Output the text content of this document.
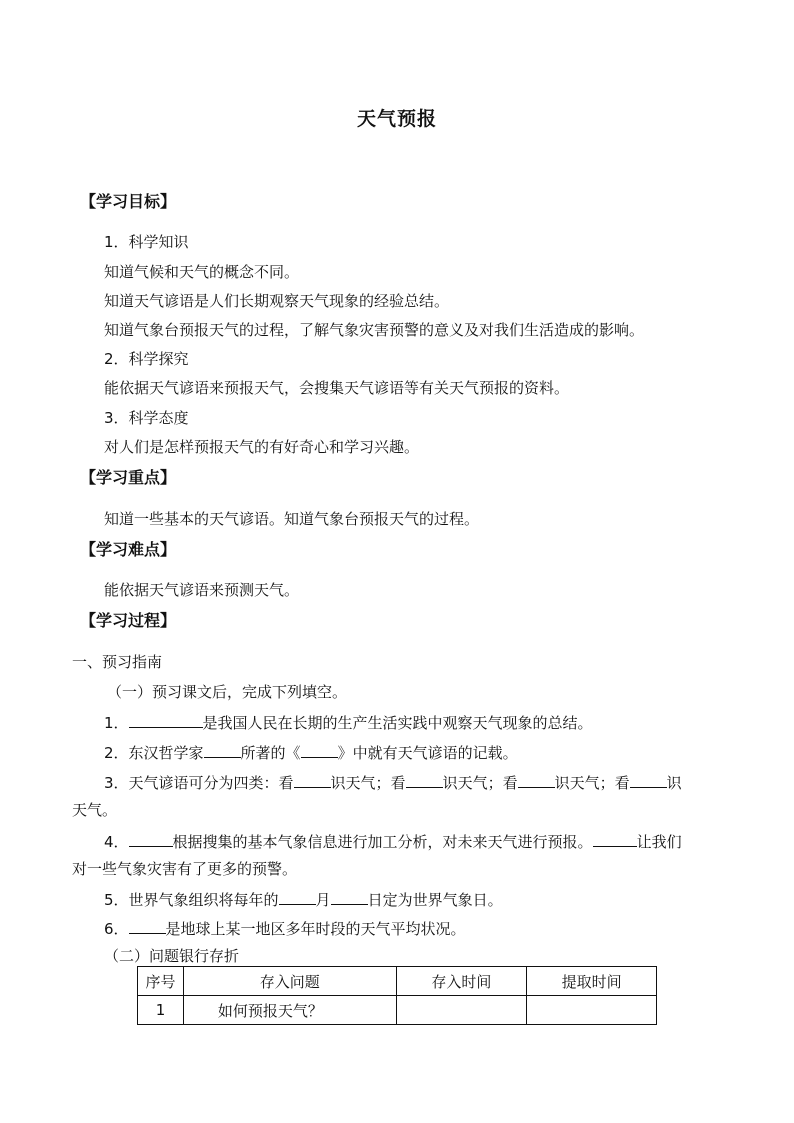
天气预报
【学习目标】
1．科学知识
知道气候和天气的概念不同。
知道天气谚语是人们长期观察天气现象的经验总结。
知道气象台预报天气的过程，了解气象灾害预警的意义及对我们生活造成的影响。
2．科学探究
能依据天气谚语来预报天气，会搜集天气谚语等有关天气预报的资料。
3．科学态度
对人们是怎样预报天气的有好奇心和学习兴趣。
【学习重点】
知道一些基本的天气谚语。知道气象台预报天气的过程。
【学习难点】
能依据天气谚语来预测天气。
【学习过程】
一、预习指南
（一）预习课文后，完成下列填空。
1．	是我国人民在长期的生产生活实践中观察天气现象的总结。
2．东汉哲学家 所著的《 》中就有天气谚语的记载。
3．天气谚语可分为四类：看 识天气；看 识天气；看 识天气；看 识
天气。
4．	根据搜集的基本气象信息进行加工分析，对未来天气进行预报。	让我们
对一些气象灾害有了更多的预警。
5．世界气象组织将每年的 月 日定为世界气象日。
6． 是地球上某一地区多年时段的天气平均状况。
（二）问题银行存折
序号	存入问题	存入时间	提取时间
1	如何预报天气？		
